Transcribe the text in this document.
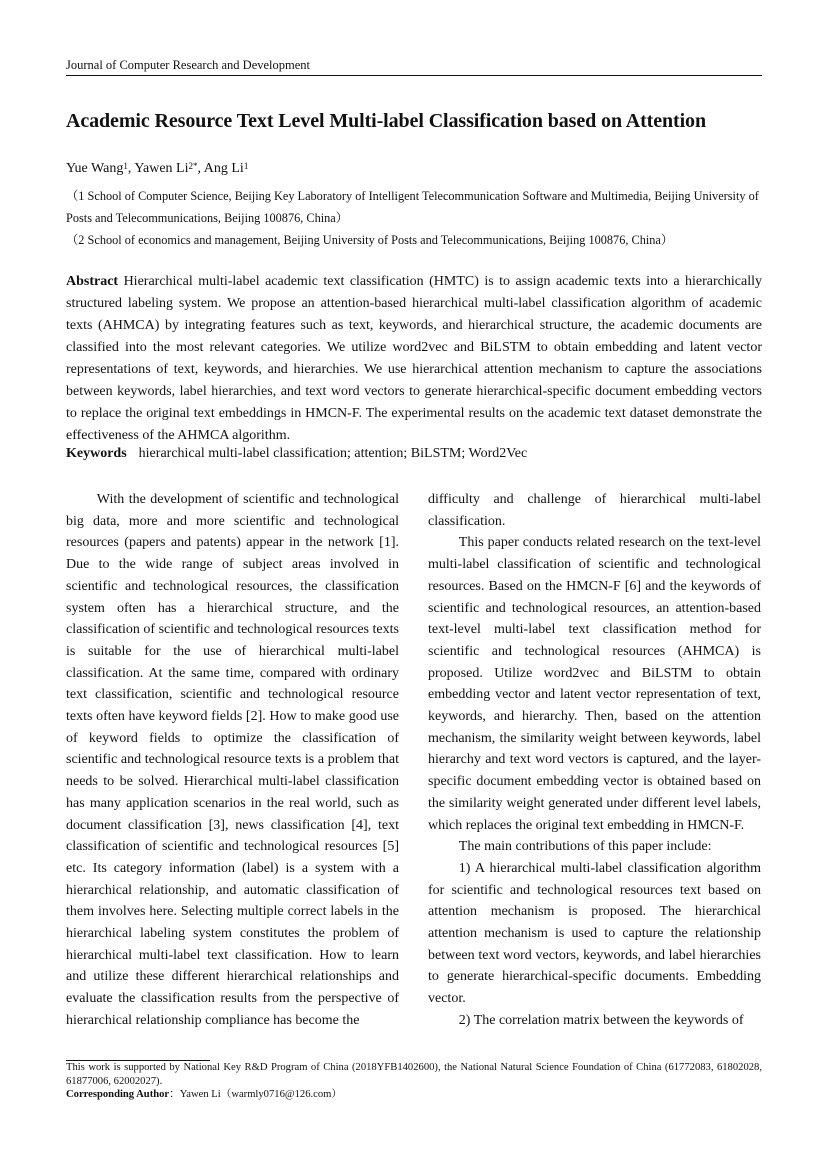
Journal of Computer Research and Development
Academic Resource Text Level Multi-label Classification based on Attention
Yue Wang$^1$, Yawen $Li^{2*}$, Ang Li$^1$
（1 School of Computer Science, Beijing Key Laboratory of Intelligent Telecommunication Software and Multimedia, Beijing University of Posts and Telecommunications, Beijing 100876, China）
（2 School of economics and management, Beijing University of Posts and Telecommunications, Beijing 100876, China）
Abstract Hierarchical multi-label academic text classification (HMTC) is to assign academic texts into a hierarchically structured labeling system. We propose an attention-based hierarchical multi-label classification algorithm of academic texts (AHMCA) by integrating features such as text, keywords, and hierarchical structure, the academic documents are classified into the most relevant categories. We utilize word2vec and BiLSTM to obtain embedding and latent vector representations of text, keywords, and hierarchies. We use hierarchical attention mechanism to capture the associations between keywords, label hierarchies, and text word vectors to generate hierarchical-specific document embedding vectors to replace the original text embeddings in HMCN-F. The experimental results on the academic text dataset demonstrate the effectiveness of the AHMCA algorithm.
Keywords hierarchical multi-label classification; attention; BiLSTM; Word2Vec

With the development of scientific and technological big data, more and more scientific and technological resources (papers and patents) appear in the network [1]. Due to the wide range of subject areas involved in scientific and technological resources, the classification system often has a hierarchical structure, and the classification of scientific and technological resources texts is suitable for the use of hierarchical multi-label classification. At the same time, compared with ordinary text classification, scientific and technological resource texts often have keyword fields [2]. How to make good use of keyword fields to optimize the classification of scientific and technological resource texts is a problem that needs to be solved. Hierarchical multi-label classification has many application scenarios in the real world, such as document classification [3], news classification [4], text classification of scientific and technological resources [5] etc. Its category information (label) is a system with a hierarchical relationship, and automatic classification of them involves here. Selecting multiple correct labels in the hierarchical labeling system constitutes the problem of hierarchical multi-label text classification. How to learn and utilize these different hierarchical relationships and evaluate the classification results from the perspective of hierarchical relationship compliance has become the

difficulty and challenge of hierarchical multi-label classification.

This paper conducts related research on the text-level multi-label classification of scientific and technological resources. Based on the HMCN-F [6] and the keywords of scientific and technological resources, an attention-based text-level multi-label text classification method for scientific and technological resources (AHMCA) is proposed. Utilize word2vec and BiLSTM to obtain embedding vector and latent vector representation of text, keywords, and hierarchy. Then, based on the attention mechanism, the similarity weight between keywords, label hierarchy and text word vectors is captured, and the layer-specific document embedding vector is obtained based on the similarity weight generated under different level labels, which replaces the original text embedding in HMCN-F.

The main contributions of this paper include:

1) A hierarchical multi-label classification algorithm for scientific and technological resources text based on attention mechanism is proposed. The hierarchical attention mechanism is used to capture the relationship between text word vectors, keywords, and label hierarchies to generate hierarchical-specific documents. Embedding vector.

2) The correlation matrix between the keywords of

This work is supported by National Key R&D Program of China (2018YFB1402600), the National Natural Science Foundation of China (61772083, 61802028, 61877006, 62002027).
Corresponding Author：Yawen Li（warmly0716@126.com）
